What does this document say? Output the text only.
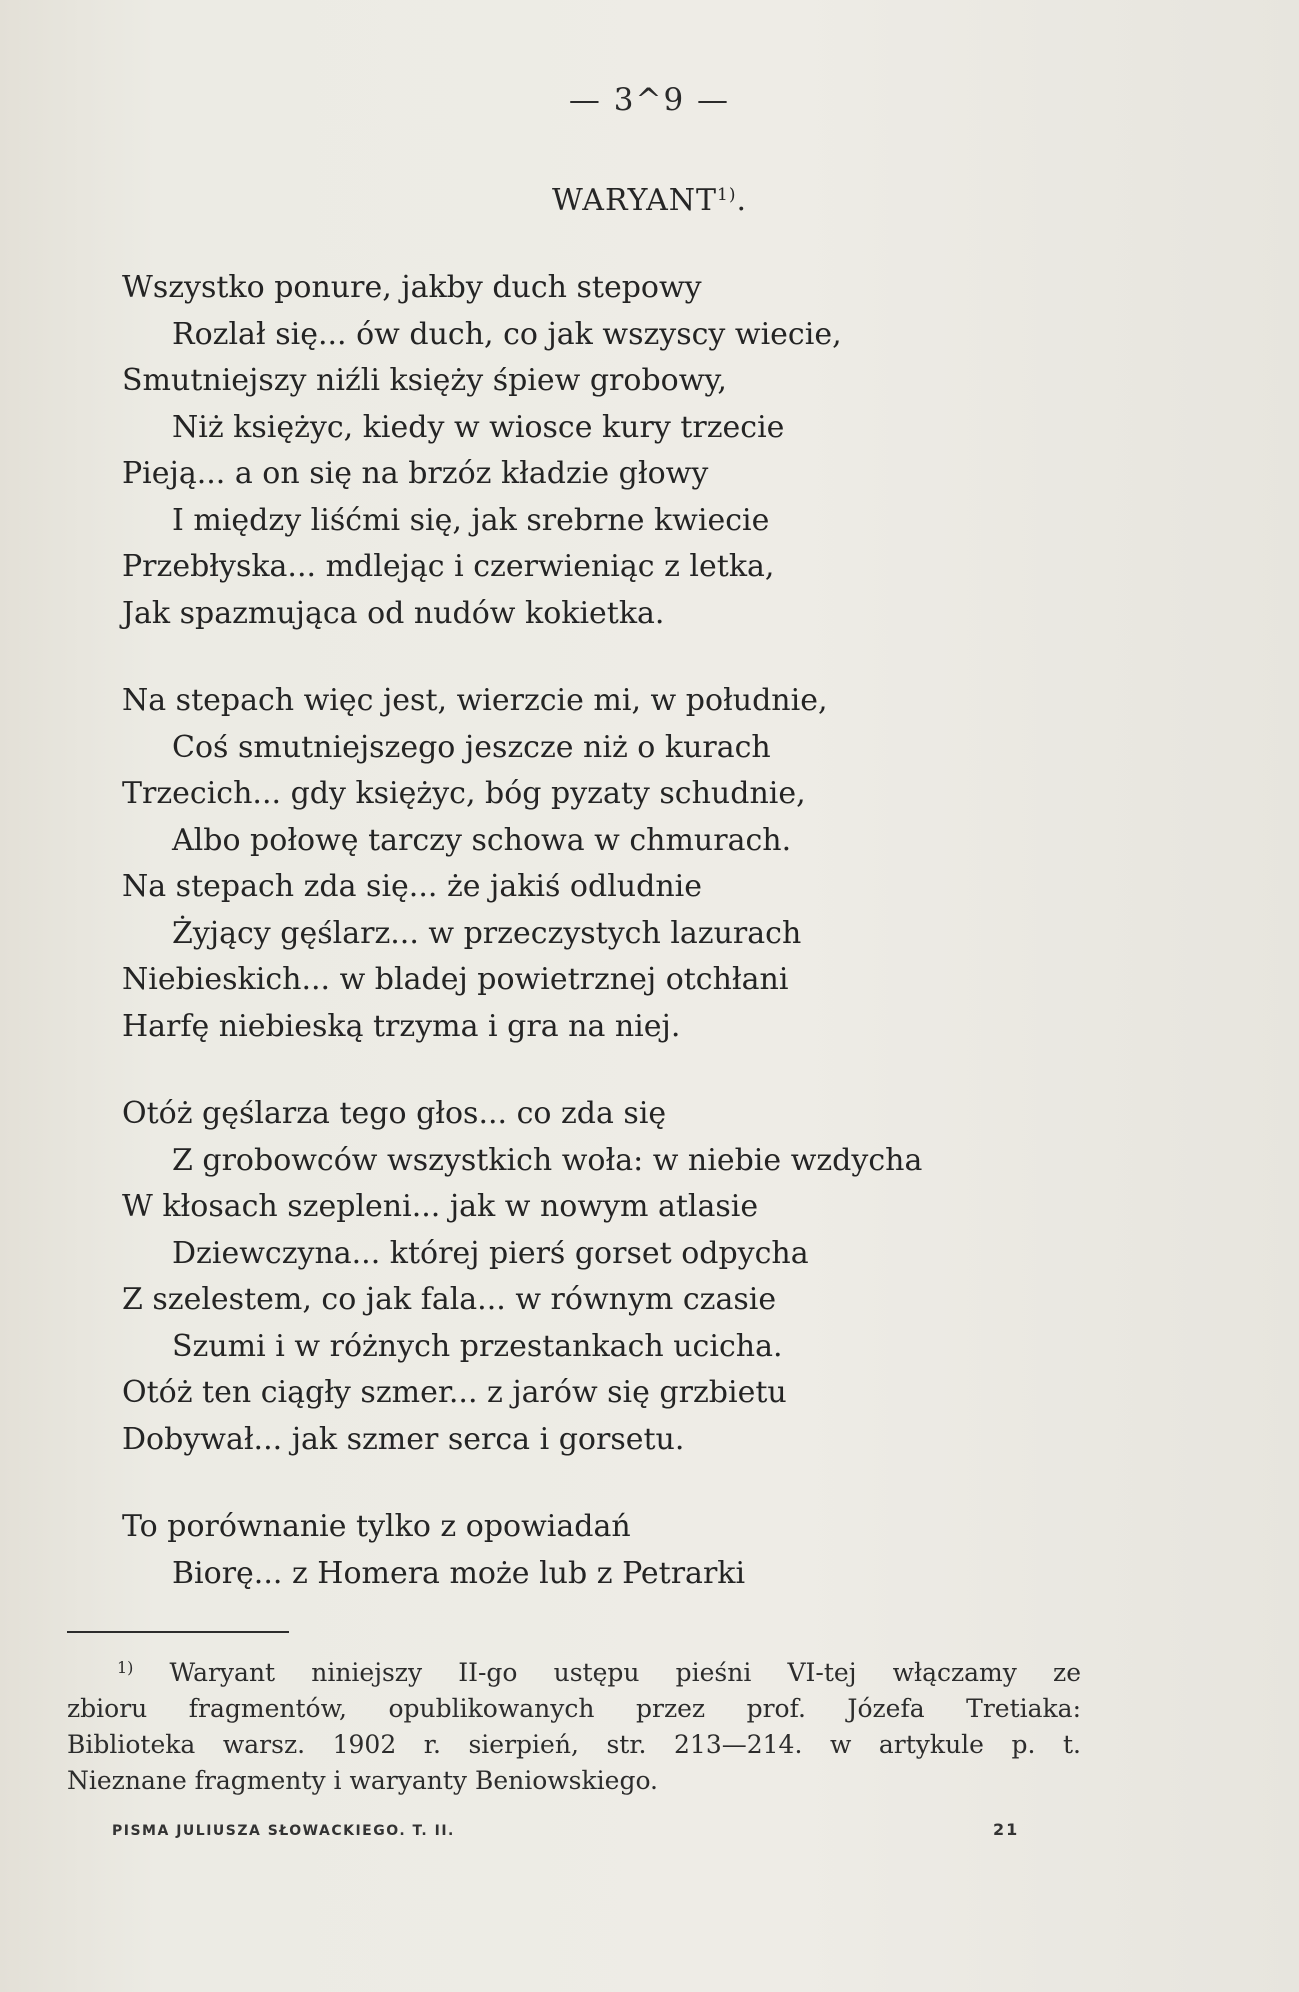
— 3^9 —
WARYANT$^{1)}$.
Wszystko ponure, jakby duch stepowy
Rozlał się... ów duch, co jak wszyscy wiecie,
Smutniejszy niźli księży śpiew grobowy,
Niż księżyc, kiedy w wiosce kury trzecie
Pieją... a on się na brzóz kładzie głowy
I między liśćmi się, jak srebrne kwiecie
Przebłyska... mdlejąc i czerwieniąc z letka,
Jak spazmująca od nudów kokietka.
Na stepach więc jest, wierzcie mi, w południe,
Coś smutniejszego jeszcze niż o kurach
Trzecich... gdy księżyc, bóg pyzaty schudnie,
Albo połowę tarczy schowa w chmurach.
Na stepach zda się... że jakiś odludnie
Żyjący gęślarz... w przeczystych lazurach
Niebieskich... w bladej powietrznej otchłani
Harfę niebieską trzyma i gra na niej.
Otóż gęślarza tego głos... co zda się
Z grobowców wszystkich woła: w niebie wzdycha
W kłosach szepleni... jak w nowym atlasie
Dziewczyna... której pierś gorset odpycha
Z szelestem, co jak fala... w równym czasie
Szumi i w różnych przestankach ucicha.
Otóż ten ciągły szmer... z jarów się grzbietu
Dobywał... jak szmer serca i gorsetu.
To porównanie tylko z opowiadań
Biorę... z Homera może lub z Petrarki
$^{1)}$ Waryant niniejszy II-go ustępu pieśni VI-tej włączamy ze
zbioru fragmentów, opublikowanych przez prof. Józefa Tretiaka:
Biblioteka warsz. 1902 r. sierpień, str. 213—214. w artykule p. t.
Nieznane fragmenty i waryanty Beniowskiego.
PISMA JULIUSZA SŁOWACKIEGO. T. II.	21
